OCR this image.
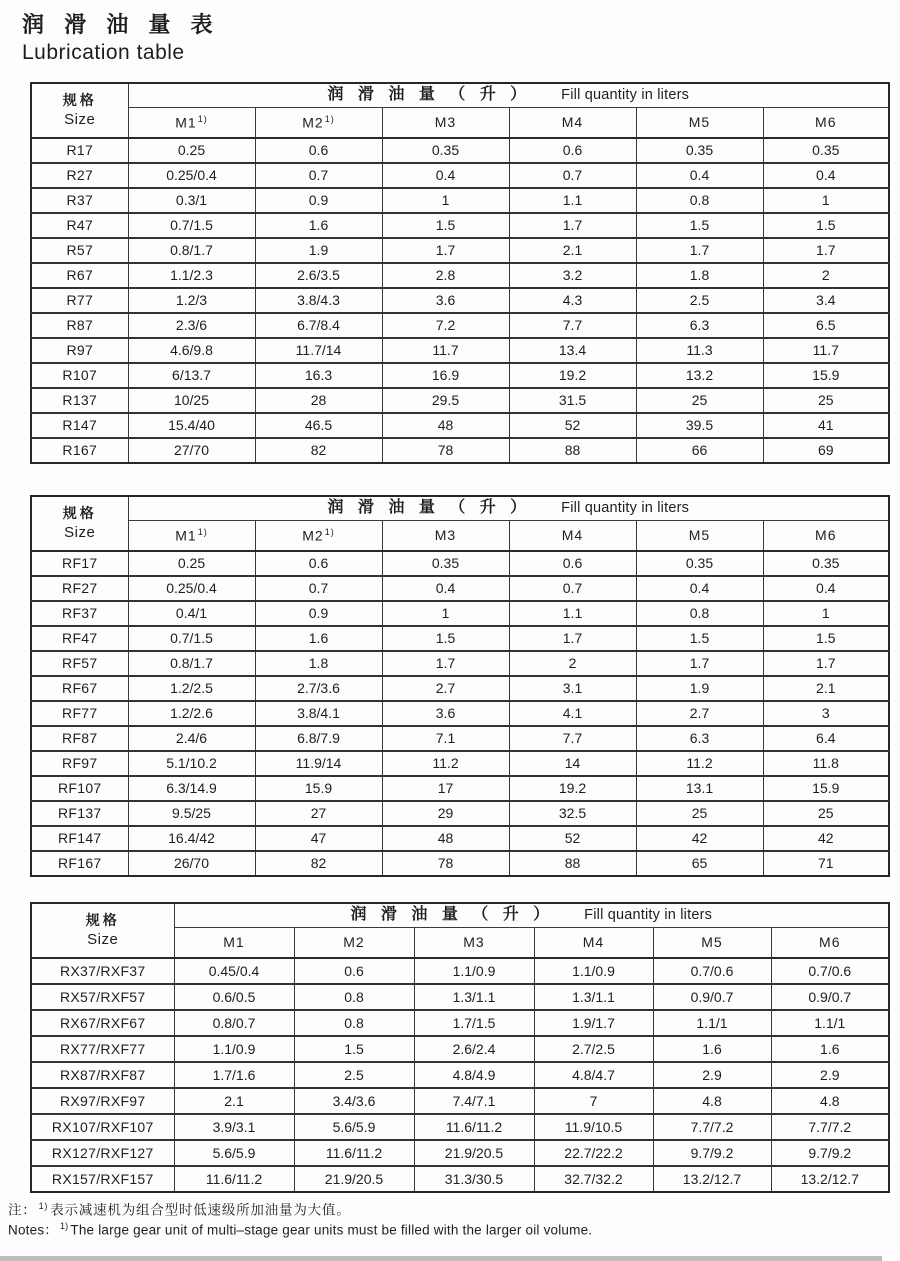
润 滑 油 量 表
Lubrication table
规格
Size	润 滑 油 量 （ 升 ） Fill quantity in liters					
	M1$^{1)}$	M2$^{1)}$	M3	M4	M5	M6
R17	0.25	0.6	0.35	0.6	0.35	0.35
R27	0.25/0.4	0.7	0.4	0.7	0.4	0.4
R37	0.3/1	0.9	1	1.1	0.8	1
R47	0.7/1.5	1.6	1.5	1.7	1.5	1.5
R57	0.8/1.7	1.9	1.7	2.1	1.7	1.7
R67	1.1/2.3	2.6/3.5	2.8	3.2	1.8	2
R77	1.2/3	3.8/4.3	3.6	4.3	2.5	3.4
R87	2.3/6	6.7/8.4	7.2	7.7	6.3	6.5
R97	4.6/9.8	11.7/14	11.7	13.4	11.3	11.7
R107	6/13.7	16.3	16.9	19.2	13.2	15.9
R137	10/25	28	29.5	31.5	25	25
R147	15.4/40	46.5	48	52	39.5	41
R167	27/70	82	78	88	66	69
规格
Size	润 滑 油 量 （ 升 ） Fill quantity in liters					
	M1$^{1)}$	M2$^{1)}$	M3	M4	M5	M6
RF17	0.25	0.6	0.35	0.6	0.35	0.35
RF27	0.25/0.4	0.7	0.4	0.7	0.4	0.4
RF37	0.4/1	0.9	1	1.1	0.8	1
RF47	0.7/1.5	1.6	1.5	1.7	1.5	1.5
RF57	0.8/1.7	1.8	1.7	2	1.7	1.7
RF67	1.2/2.5	2.7/3.6	2.7	3.1	1.9	2.1
RF77	1.2/2.6	3.8/4.1	3.6	4.1	2.7	3
RF87	2.4/6	6.8/7.9	7.1	7.7	6.3	6.4
RF97	5.1/10.2	11.9/14	11.2	14	11.2	11.8
RF107	6.3/14.9	15.9	17	19.2	13.1	15.9
RF137	9.5/25	27	29	32.5	25	25
RF147	16.4/42	47	48	52	42	42
RF167	26/70	82	78	88	65	71
规格
Size	润 滑 油 量 （ 升 ） Fill quantity in liters					
	M1	M2	M3	M4	M5	M6
RX37/RXF37	0.45/0.4	0.6	1.1/0.9	1.1/0.9	0.7/0.6	0.7/0.6
RX57/RXF57	0.6/0.5	0.8	1.3/1.1	1.3/1.1	0.9/0.7	0.9/0.7
RX67/RXF67	0.8/0.7	0.8	1.7/1.5	1.9/1.7	1.1/1	1.1/1
RX77/RXF77	1.1/0.9	1.5	2.6/2.4	2.7/2.5	1.6	1.6
RX87/RXF87	1.7/1.6	2.5	4.8/4.9	4.8/4.7	2.9	2.9
RX97/RXF97	2.1	3.4/3.6	7.4/7.1	7	4.8	4.8
RX107/RXF107	3.9/3.1	5.6/5.9	11.6/11.2	11.9/10.5	7.7/7.2	7.7/7.2
RX127/RXF127	5.6/5.9	11.6/11.2	21.9/20.5	22.7/22.2	9.7/9.2	9.7/9.2
RX157/RXF157	11.6/11.2	21.9/20.5	31.3/30.5	32.7/32.2	13.2/12.7	13.2/12.7
注： $^{1)}$ 表示减速机为组合型时低速级所加油量为大值。
Notes： $^{1)}$ The large gear unit of multi–stage gear units must be filled with the larger oil volume.
